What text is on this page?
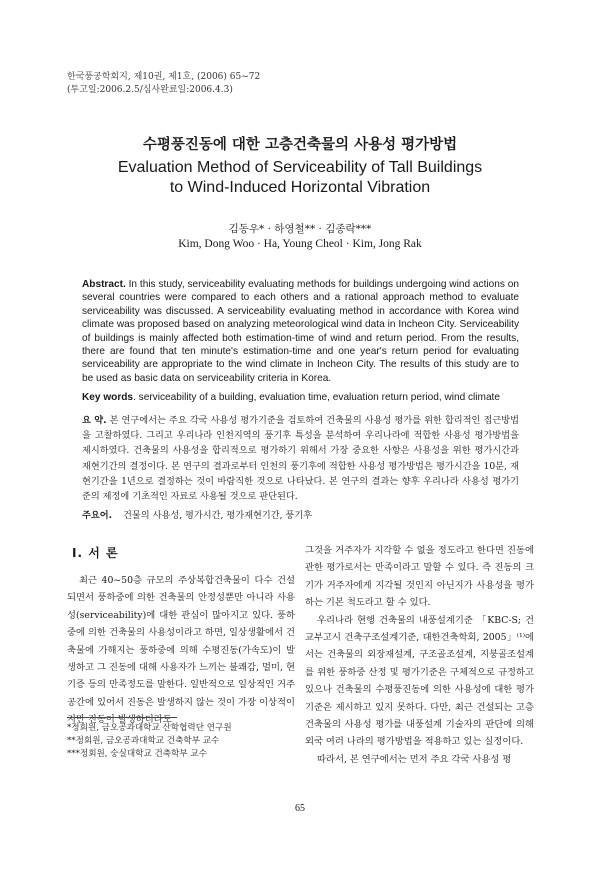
한국풍공학회지, 제10권, 제1호, (2006) 65~72
(투고일:2006.2.5/심사완료일:2006.4.3)
수평풍진동에 대한 고층건축물의 사용성 평가방법
Evaluation Method of Serviceability of Tall Buildings
to Wind-Induced Horizontal Vibration
김동우* · 하영철** · 김종락***
Kim, Dong Woo · Ha, Young Cheol · Kim, Jong Rak
Abstract. In this study, serviceability evaluating methods for buildings undergoing wind actions on several countries were compared to each others and a rational approach method to evaluate serviceability was discussed. A serviceability evaluating method in accordance with Korea wind climate was proposed based on analyzing meteorological wind data in Incheon City. Serviceability of buildings is mainly affected both estimation-time of wind and return period. From the results, there are found that ten minute's estimation-time and one year's return period for evaluating serviceability are appropriate to the wind climate in Incheon City. The results of this study are to be used as basic data on serviceability criteria in Korea.
Key words. serviceability of a building, evaluation time, evaluation return period, wind climate
요 약. 본 연구에서는 주요 각국 사용성 평가기준을 검토하여 건축물의 사용성 평가를 위한 합리적인 접근방법을 고찰하였다. 그리고 우리나라 인천지역의 풍기후 특성을 분석하여 우리나라에 적합한 사용성 평가방법을 제시하였다. 건축물의 사용성을 합리적으로 평가하기 위해서 가장 중요한 사항은 사용성을 위한 평가시간과 재현기간의 결정이다. 본 연구의 결과로부터 인천의 풍기후에 적합한 사용성 평가방법은 평가시간을 10분, 재현기간을 1년으로 결정하는 것이 바람직한 것으로 나타났다. 본 연구의 결과는 향후 우리나라 사용성 평가기준의 제정에 기초적인 자료로 사용될 것으로 판단된다.
주요어. 건물의 사용성, 평가시간, 평가재현기간, 풍기후
I. 서 론

최근 40~50층 규모의 주상복합건축물이 다수 건설되면서 풍하중에 의한 건축물의 안정성뿐만 아니라 사용성(serviceability)에 대한 관심이 많아지고 있다. 풍하중에 의한 건축물의 사용성이라고 하면, 일상생활에서 건축물에 가해지는 풍하중에 의해 수평진동(가속도)이 발생하고 그 진동에 대해 사용자가 느끼는 불쾌감, 멀미, 현기증 등의 만족정도를 말한다. 일반적으로 일상적인 거주공간에 있어서 진동은 발생하지 않는 것이 가장 이상적이지만 진동이 발생하더라도

그것을 거주자가 지각할 수 없을 정도라고 한다면 진동에 관한 평가로서는 만족이라고 말할 수 있다. 즉 진동의 크기가 거주자에게 지각될 것인지 아닌지가 사용성을 평가하는 기본 척도라고 할 수 있다.

우리나라 현행 건축물의 내풍설계기준 「KBC-S; 건교부고시 건축구조설계기준, 대한건축학회, 2005」⁽¹⁾에서는 건축물의 외장재설계, 구조골조설계, 지붕골조설계를 위한 풍하중 산정 및 평가기준은 구체적으로 규정하고 있으나 건축물의 수평풍진동에 의한 사용성에 대한 평가기준은 제시하고 있지 못하다. 다만, 최근 건설되는 고층건축물의 사용성 평가를 내풍설계 기술자의 판단에 의해 외국 여러 나라의 평가방법을 적용하고 있는 실정이다.

따라서, 본 연구에서는 먼저 주요 각국 사용성 평

*정회원, 금오공과대학교 산학협력단 연구원
**정회원, 금오공과대학교 건축학부 교수
***정회원, 숭실대학교 건축학부 교수
65
